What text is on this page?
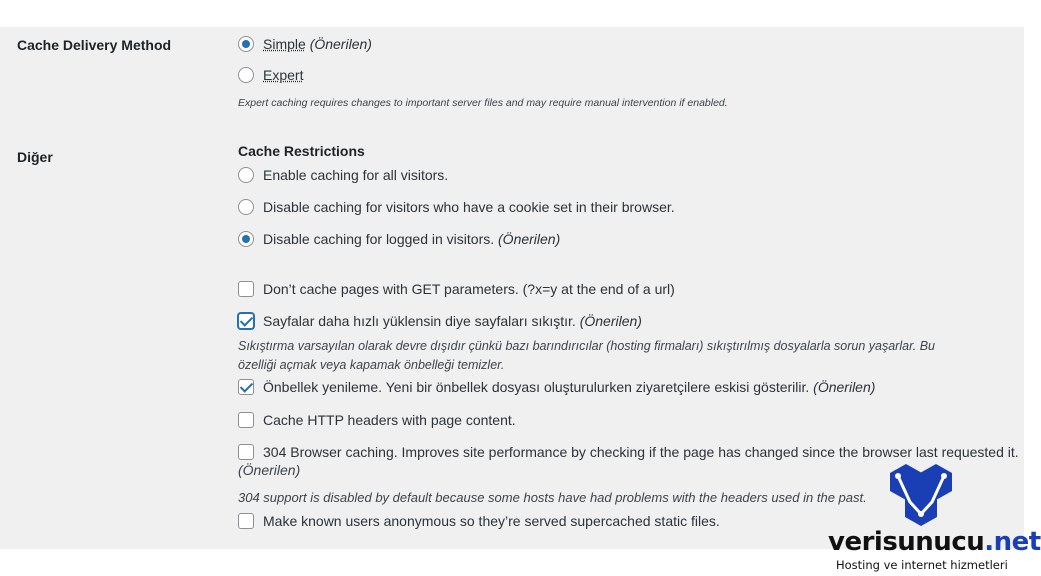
Cache Delivery Method	Simple
(Önerilen)
Expert
Expert caching requires changes to important server files and may require manual intervention if enabled.
Diğer	Cache Restrictions
Enable caching for all visitors.
Disable caching for visitors who have a cookie set in their browser.
Disable caching for logged in visitors.
(Önerilen)
Don’t cache pages with GET parameters. (?x=y at the end of a url)
Sayfalar daha hızlı yüklensin diye sayfaları sıkıştır.
(Önerilen)
Sıkıştırma varsayılan olarak devre dışıdır çünkü bazı barındırıcılar (hosting firmaları) sıkıştırılmış dosyalarla sorun yaşarlar. Bu
özelliği açmak veya kapamak önbelleği temizler.
Önbellek yenileme. Yeni bir önbellek dosyası oluşturulurken ziyaretçilere eskisi gösterilir.
(Önerilen)
Cache HTTP headers with page content.
304 Browser caching. Improves site performance by checking if the page has changed since the browser last requested it.
(Önerilen)
304 support is disabled by default because some hosts have had problems with the headers used in the past.
Make known users anonymous so they’re served supercached static files.
verisunucu.net
Hosting ve internet hizmetleri
